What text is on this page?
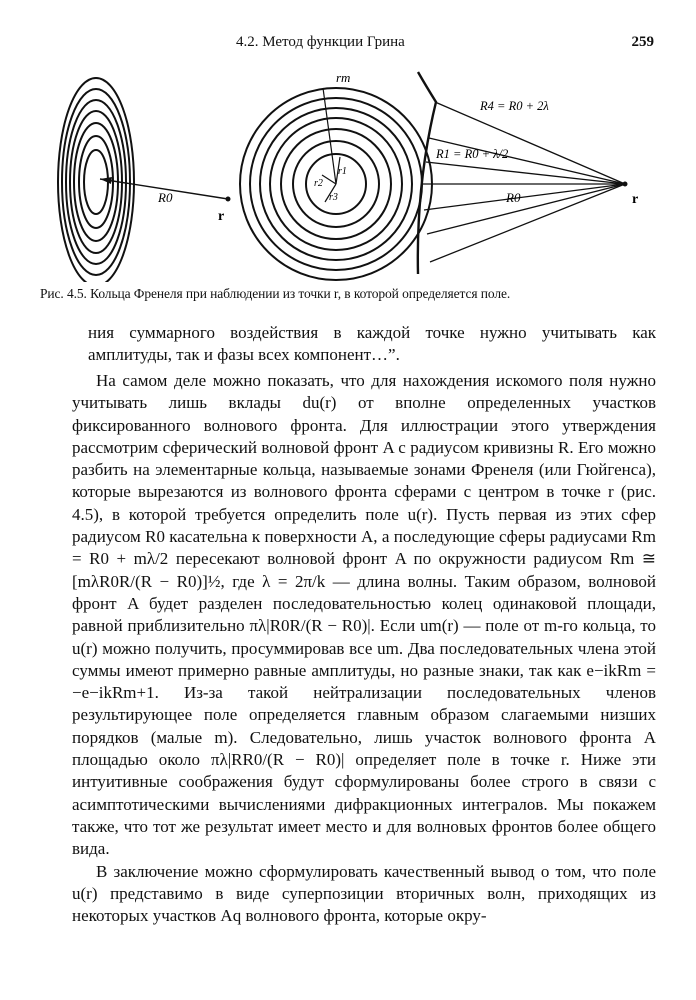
4.2. Метод функции Грина	259
R0
r
rm
r1
r2
r3
R4 = R0 + 2λ
R1 = R0 + λ/2
R0	r
Рис. 4.5. Кольца Френеля при наблюдении из точки r, в которой определяется поле.
ния суммарного воздействия в каждой точке нужно учитывать как амплитуды, так и фазы всех компонент…”.

На самом деле можно показать, что для нахождения искомого поля нужно учитывать лишь вклады du(r) от вполне определенных участков фиксированного волнового фронта. Для иллюстрации этого утверждения рассмотрим сферический волновой фронт A с радиусом кривизны R. Его можно разбить на элементарные кольца, называемые зонами Френеля (или Гюйгенса), которые вырезаются из волнового фронта сферами с центром в точке r (рис. 4.5), в которой требуется определить поле u(r). Пусть первая из этих сфер радиусом R0 касательна к поверхности A, а последующие сферы радиусами Rm = R0 + mλ/2 пересекают волновой фронт A по окружности радиусом Rm ≅ [mλR0R/(R − R0)]½, где λ = 2π/k — длина волны. Таким образом, волновой фронт A будет разделен последовательностью колец одинаковой площади, равной приблизительно πλ|R0R/(R − R0)|. Если um(r) — поле от m-го кольца, то u(r) можно получить, просуммировав все um. Два последовательных члена этой суммы имеют примерно равные амплитуды, но разные знаки, так как e−ikRm = −e−ikRm+1. Из-за такой нейтрализации последовательных членов результирующее поле определяется главным образом слагаемыми низших порядков (малые m). Следовательно, лишь участок волнового фронта A площадью около πλ|RR0/(R − R0)| определяет поле в точке r. Ниже эти интуитивные соображения будут сформулированы более строго в связи с асимптотическими вычислениями дифракционных интегралов. Мы покажем также, что тот же результат имеет место и для волновых фронтов более общего вида.

В заключение можно сформулировать качественный вывод о том, что поле u(r) представимо в виде суперпозиции вторичных волн, приходящих из некоторых участков Aq волнового фронта, которые окру-
